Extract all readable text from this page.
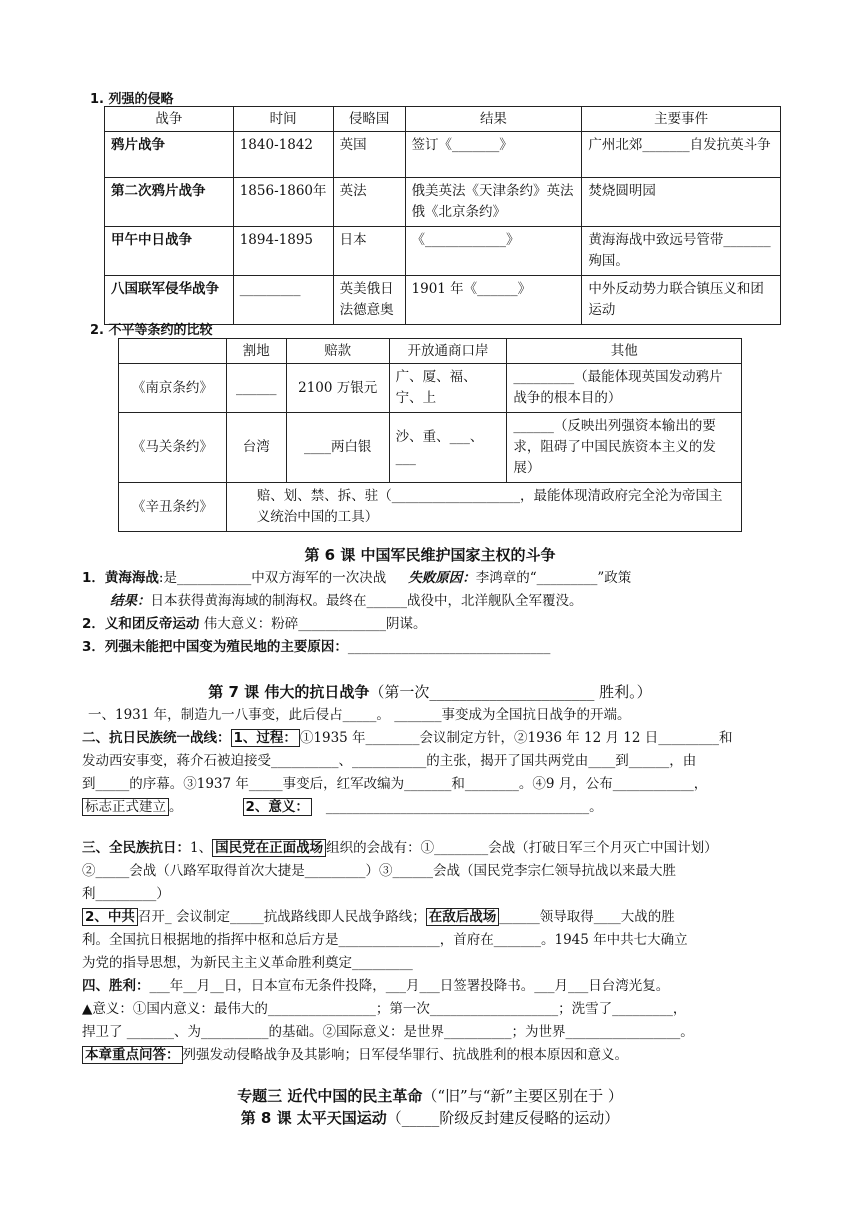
1. 列强的侵略
战争	时间	侵略国	结果	主要事件
鸦片战争	1840-1842	英国	签订《_______》	广州北郊_______自发抗英斗争
第二次鸦片战争	1856-1860年	英法	俄美英法《天津条约》英法俄《北京条约》	焚烧圆明园
甲午中日战争	1894-1895	日本	《____________》	黄海海战中致远号管带_______ 殉国。
八国联军侵华战争	_________	英美俄日法德意奥	1901 年《______》	中外反动势力联合镇压义和团运动
2. 不平等条约的比较
	割地	赔款	开放通商口岸	其他
《南京条约》	______	2100 万银元	广、厦、福、宁、上	_________（最能体现英国发动鸦片战争的根本目的）
《马关条约》	台湾	____两白银	沙、重、___、___	______（反映出列强资本输出的要求，阻碍了中国民族资本主义的发展）
《辛丑条约》	赔、划、禁、拆、驻（___________________，最能体现清政府完全沦为帝国主义统治中国的工具）			
第 6 课 中国军民维护国家主权的斗争
1．黄海海战:是___________中双方海军的一次决战 失败原因：李鸿章的“_________”政策
结果：日本获得黄海海域的制海权。最终在______战役中，北洋舰队全军覆没。
2．义和团反帝运动 伟大意义：粉碎_____________阴谋。
3．列强未能把中国变为殖民地的主要原因：______________________________
第 7 课 伟大的抗日战争（第一次______________________ 胜利。）
一、1931 年，制造九一八事变，此后侵占_____。 _______事变成为全国抗日战争的开端。
二、抗日民族统一战线： 1、过程： ①1935 年________会议制定方针，②1936 年 12 月 12 日_________和
发动西安事变，蒋介石被迫接受__________、___________的主张，揭开了国共两党由____到______，由
到_____的序幕。③1937 年_____事变后，红军改编为_______和________。④9 月，公布____________，
标志正式建立 。	2、意义： _______________________________________。
三、全民族抗日：1、 国民党在正面战场 组织的会战有：①________会战（打破日军三个月灭亡中国计划）
②_____会战（八路军取得首次大捷是_________）③______会战（国民党李宗仁领导抗战以来最大胜
利_________）
2、中共 召开_ 会议制定_____抗战路线即人民战争路线； 在敌后战场 ______领导取得____大战的胜
利。全国抗日根据地的指挥中枢和总后方是_______________，首府在_______。1945 年中共七大确立
为党的指导思想，为新民主主义革命胜利奠定_________
四、胜利：___年__月__日，日本宣布无条件投降，___月___日签署投降书。___月___日台湾光复。
▲意义：①国内意义：最伟大的________________；第一次___________________；洗雪了_________，
捍卫了 _______、为__________的基础。②国际意义：是世界__________；为世界_________________。
本章重点问答： 列强发动侵略战争及其影响；日军侵华罪行、抗战胜利的根本原因和意义。
专题三 近代中国的民主革命（“旧”与“新”主要区别在于 ）
第 8 课 太平天国运动（_____阶级反封建反侵略的运动）
